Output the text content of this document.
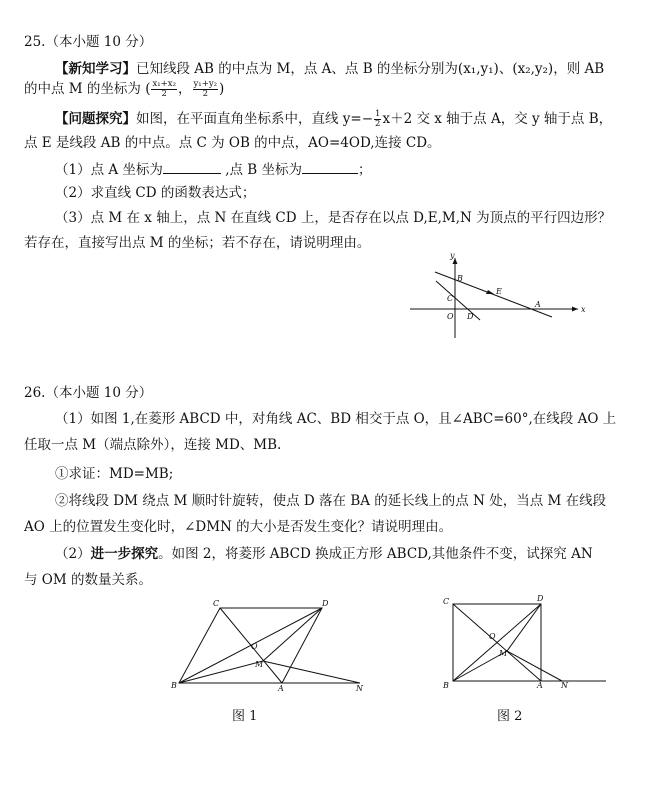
25.（本小题 10 分）
【新知学习】已知线段 AB 的中点为 M，点 A、点 B 的坐标分别为(x₁,y₁)、(x₂,y₂)，则 AB
的中点 M 的坐标为 ( $\frac{\text{x₁+x₂}}{2}$ ， $\frac{\text{y₁+y₂}}{2}$ )
【问题探究】如图，在平面直角坐标系中，直线 $y=- \frac{1}{2} x+2$ 交 x 轴于点 A，交 y 轴于点 B，
点 E 是线段 AB 的中点。点 C 为 OB 的中点，AO=4OD,连接 CD。
（1）点 A 坐标为	,点 B 坐标为	；
（2）求直线 CD 的函数表达式；
（3）点 M 在 x 轴上，点 N 在直线 CD 上，是否存在以点 D,E,M,N 为顶点的平行四边形？
若存在，直接写出点 M 的坐标；若不存在，请说明理由。
y
x
B
C
O D
E
A
26.（本小题 10 分）
（1）如图 1,在菱形 ABCD 中，对角线 AC、BD 相交于点 O，且∠ABC=60°,在线段 AO 上
任取一点 M（端点除外），连接 MD、MB.
①求证：MD=MB;
②将线段 DM 绕点 M 顺时针旋转，使点 D 落在 BA 的延长线上的点 N 处，当点 M 在线段
AO 上的位置发生变化时，∠DMN 的大小是否发生变化？请说明理由。
（2）进一步探究。如图 2，将菱形 ABCD 换成正方形 ABCD,其他条件不变，试探究 AN
与 OM 的数量关系。
C	D
O
M
B	A	N
图 1
C	D
O
M
B	A N
图 2
